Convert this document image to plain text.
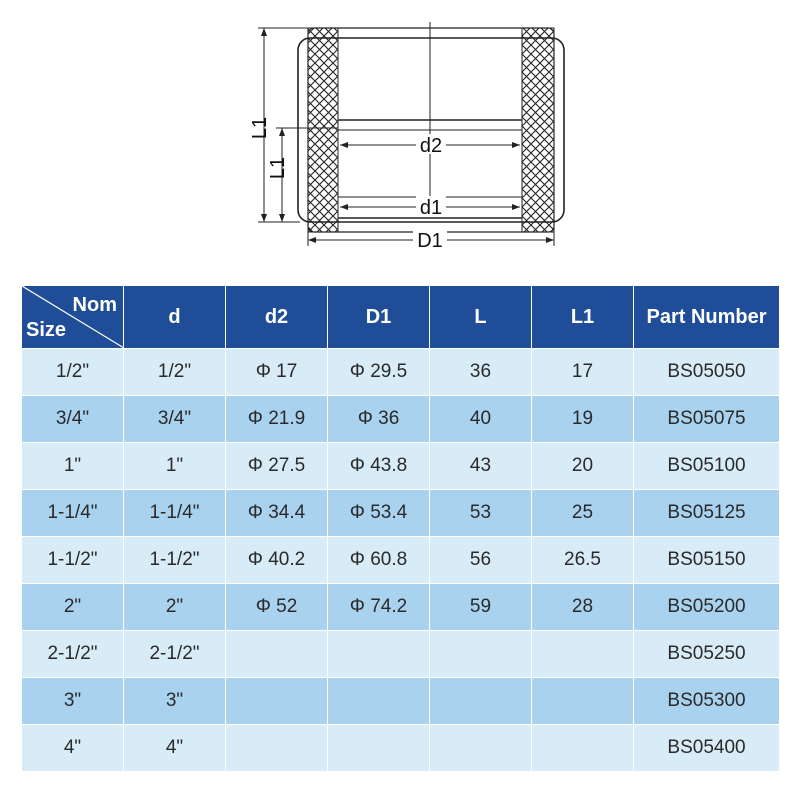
L1
L1
d2
d1
D1
Nom
Size	d	d2	D1	L	L1	Part Number
1/2"	1/2"	Φ 17	Φ 29.5	36	17	BS05050
3/4"	3/4"	Φ 21.9	Φ 36	40	19	BS05075
1"	1"	Φ 27.5	Φ 43.8	43	20	BS05100
1-1/4"	1-1/4"	Φ 34.4	Φ 53.4	53	25	BS05125
1-1/2"	1-1/2"	Φ 40.2	Φ 60.8	56	26.5	BS05150
2"	2"	Φ 52	Φ 74.2	59	28	BS05200
2-1/2"	2-1/2"					BS05250
3"	3"					BS05300
4"	4"					BS05400
